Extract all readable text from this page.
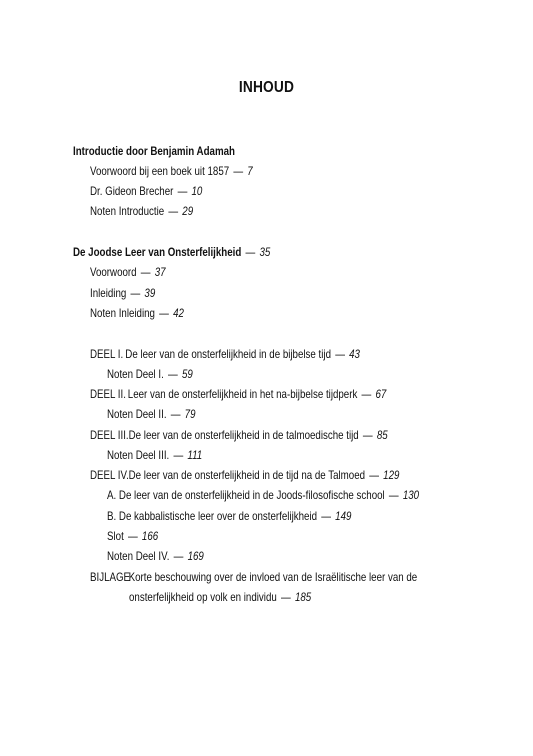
INHOUD
Introductie door Benjamin Adamah
Voorwoord bij een boek uit 1857 — 7
Dr. Gideon Brecher — 10
Noten Introductie — 29
De Joodse Leer van Onsterfelijkheid — 35
Voorwoord — 37
Inleiding — 39
Noten Inleiding — 42
DEEL I. De leer van de onsterfelijkheid in de bijbelse tijd — 43
Noten Deel I. — 59
DEEL II. Leer van de onsterfelijkheid in het na-bijbelse tijdperk — 67
Noten Deel II. — 79
DEEL III.De leer van de onsterfelijkheid in de talmoedische tijd — 85
Noten Deel III. — 111
DEEL IV.De leer van de onsterfelijkheid in de tijd na de Talmoed — 129
A. De leer van de onsterfelijkheid in de Joods-filosofische school — 130
B. De kabbalistische leer over de onsterfelijkheid — 149
Slot — 166
Noten Deel IV. — 169
BIJLAGEKorte beschouwing over de invloed van de Israëlitische leer van de
onsterfelijkheid op volk en individu — 185
